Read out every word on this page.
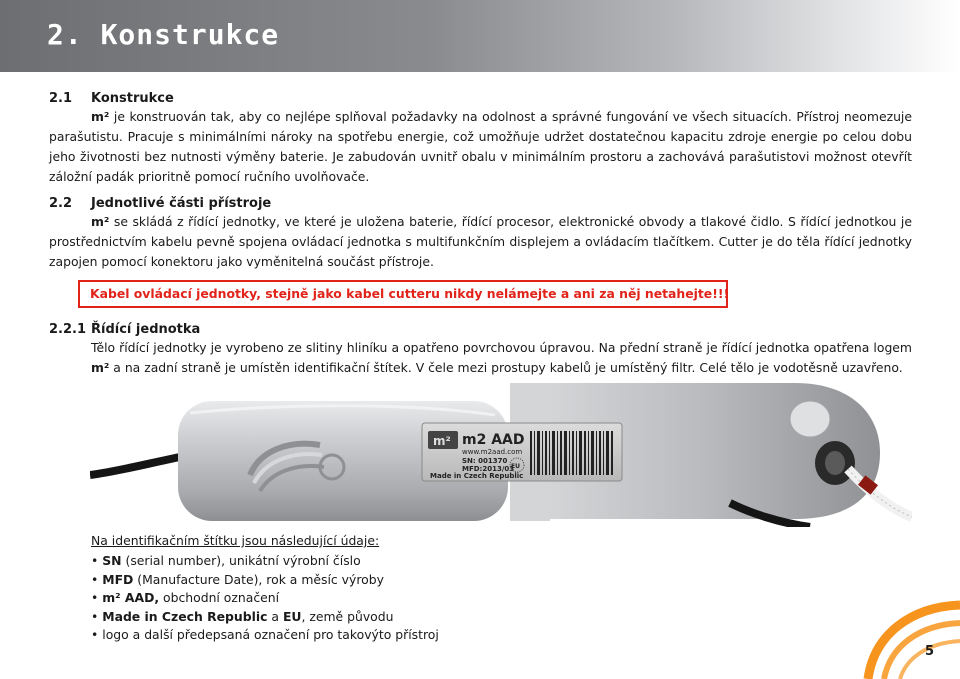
2. Konstrukce
2.1 Konstrukce
m² je konstruován tak, aby co nejlépe splňoval požadavky na odolnost a správné fungování ve všech situacích. Přístroj neomezuje parašutistu. Pracuje s minimálními nároky na spotřebu energie, což umožňuje udržet dostatečnou kapacitu zdroje energie po celou dobu jeho životnosti bez nutnosti výměny baterie. Je zabudován uvnitř obalu v minimálním prostoru a zachovává parašutistovi možnost otevřít záložní padák prioritně pomocí ručního uvolňovače.
2.2 Jednotlivé části přístroje
m² se skládá z řídící jednotky, ve které je uložena baterie, řídící procesor, elektronické obvody a tlakové čidlo. S řídící jednotkou je prostřednictvím kabelu pevně spojena ovládací jednotka s multifunkčním displejem a ovládacím tlačítkem. Cutter je do těla řídící jednotky zapojen pomocí konektoru jako vyměnitelná součást přístroje.
Kabel ovládací jednotky, stejně jako kabel cutteru nikdy nelámejte a ani za něj netahejte!!!
2.2.1 Řídící jednotka
Tělo řídící jednotky je vyrobeno ze slitiny hliníku a opatřeno povrchovou úpravou. Na přední straně je řídící jednotka opatřena logem m² a na zadní straně je umístěn identifikační štítek. V čele mezi prostupy kabelů je umístěný filtr. Celé tělo je vodotěsně uzavřeno.
m² m2 AAD
www.m2aad.com
SN: 001370
MFD:2013/03
Made in Czech Republic
EU
Na identifikačním štítku jsou následující údaje:
• SN (serial number), unikátní výrobní číslo
• MFD (Manufacture Date), rok a měsíc výroby
• m² AAD, obchodní označení
• Made in Czech Republic a EU, země původu
• logo a další předepsaná označení pro takovýto přístroj
5
